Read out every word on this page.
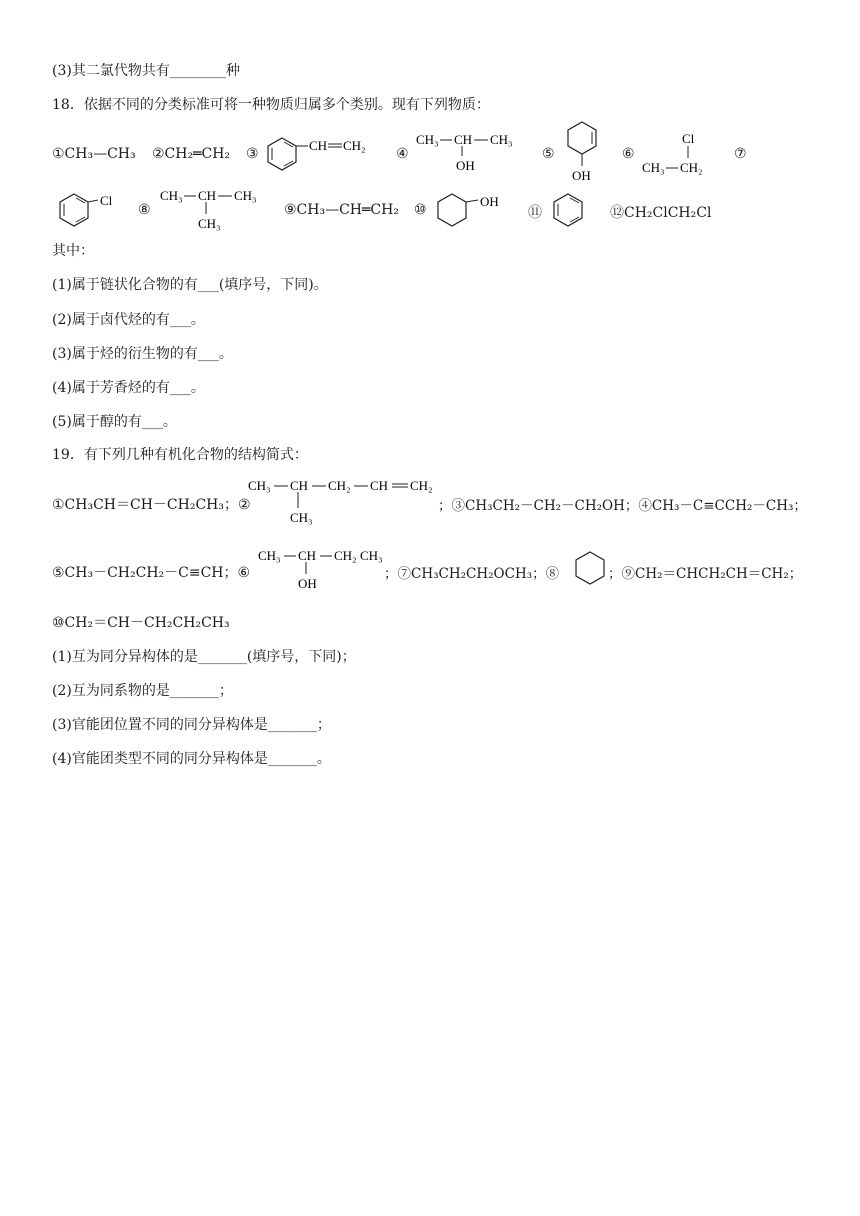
(3)其二氯代物共有________种
18．依据不同的分类标准可将一种物质归属多个类别。现有下列物质：
①CH₃—CH₃ ②CH₂═CH₂ ③
CH CH₂
④
CH₃ CH CH₃
OH
⑤
OH
⑥
Cl
CH₃ CH₂
⑦
Cl
⑧
CH₃ CH CH₃
CH₃
⑨CH₃—CH═CH₂ ⑩
OH
⑪	⑫CH₂ClCH₂Cl
其中：
(1)属于链状化合物的有___(填序号，下同)。
(2)属于卤代烃的有___。
(3)属于烃的衍生物的有___。
(4)属于芳香烃的有___。
(5)属于醇的有___。
19．有下列几种有机化合物的结构简式：
①CH₃CH＝CH－CH₂CH₃；②
CH₃ CH CH₂ CH CH₂
CH₃
；③CH₃CH₂－CH₂－CH₂OH；④CH₃－C≡CCH₂－CH₃；
⑤CH₃－CH₂CH₂－C≡CH；⑥
CH₃ CH CH₂ CH₃
OH
；⑦CH₃CH₂CH₂OCH₃；⑧	；⑨CH₂＝CHCH₂CH＝CH₂；
⑩CH₂＝CH－CH₂CH₂CH₃
(1)互为同分异构体的是_______(填序号，下同)；
(2)互为同系物的是_______；
(3)官能团位置不同的同分异构体是_______；
(4)官能团类型不同的同分异构体是_______。
